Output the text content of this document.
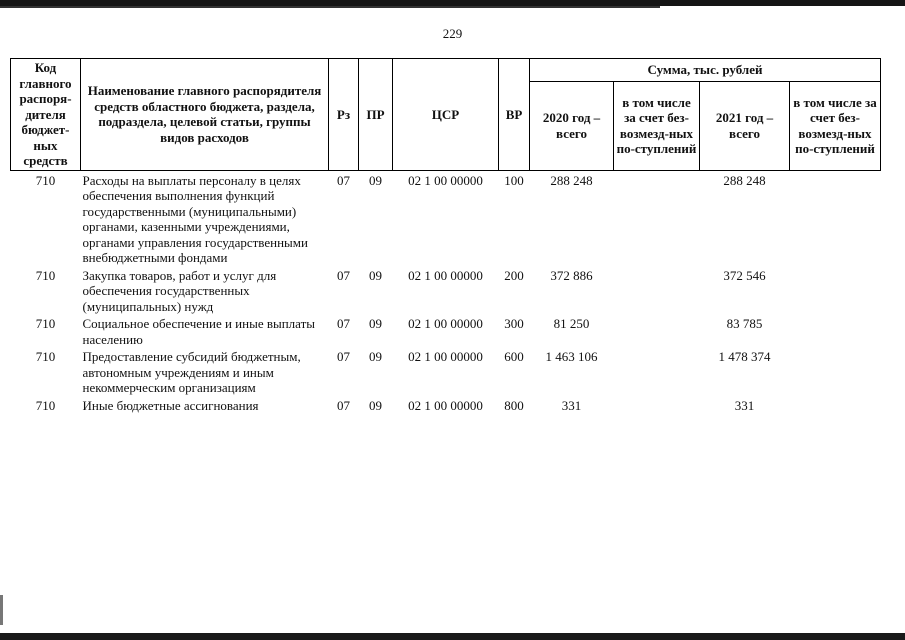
229
Код главного распоря-дителя бюджет-ных средств	Наименование главного распорядителя средств областного бюджета, раздела, подраздела, целевой статьи, группы видов расходов	Рз	ПР	ЦСР	ВР	Сумма, тыс. рублей			
						2020 год – всего	в том числе за счет без-возмезд-ных по-ступлений	2021 год – всего	в том числе за счет без-возмезд-ных по-ступлений
710	Расходы на выплаты персоналу в целях обеспечения выполнения функций государственными (муниципальными) органами, казенными учреждениями, органами управления государственными внебюджетными фондами	07	09	02 1 00 00000	100	288 248		288 248	
710	Закупка товаров, работ и услуг для обеспечения государственных (муниципальных) нужд	07	09	02 1 00 00000	200	372 886		372 546	
710	Социальное обеспечение и иные выплаты населению	07	09	02 1 00 00000	300	81 250		83 785	
710	Предоставление субсидий бюджетным, автономным учреждениям и иным некоммерческим организациям	07	09	02 1 00 00000	600	1 463 106		1 478 374	
710	Иные бюджетные ассигнования	07	09	02 1 00 00000	800	331		331	
